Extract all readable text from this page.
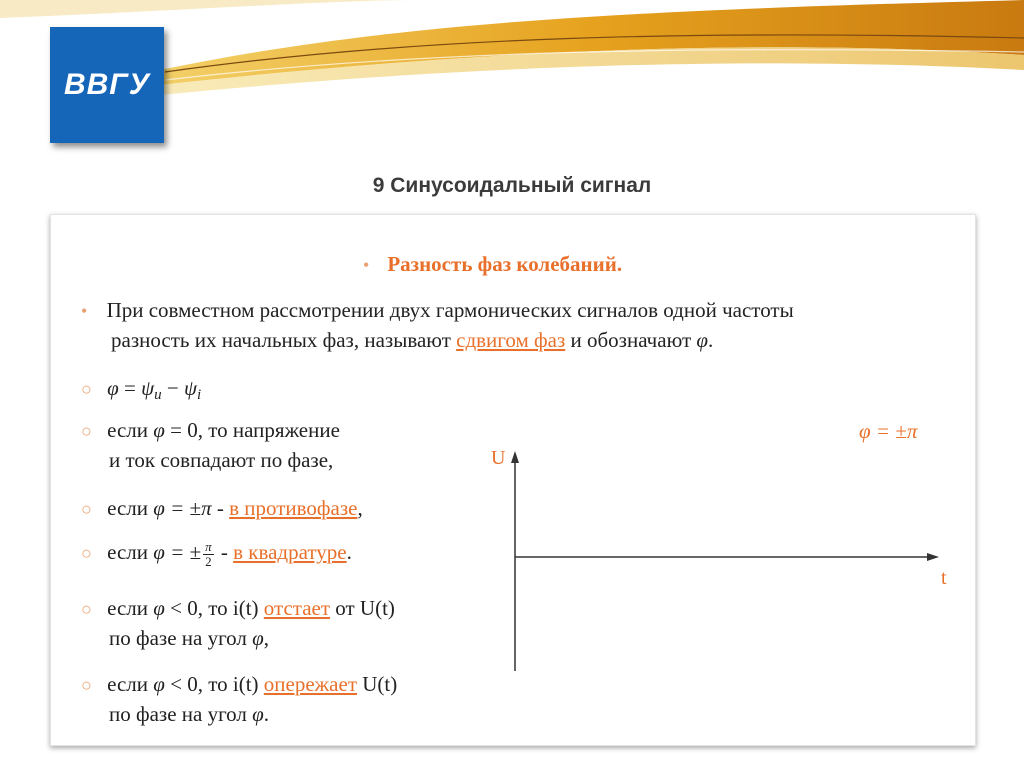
ВВГУ
9 Синусоидальный сигнал
• Разность фаз колебаний.
• При совместном рассмотрении двух гармонических сигналов одной частоты
разность их начальных фаз, называют сдвигом фаз и обозначают φ.
○ $\varphi = \psi_u - \psi_i$
○ если φ = 0, то напряжение
и ток совпадают по фазе,
○ если φ = ±π - в противофазе,
○ если φ = ± $\frac{\pi}{2}$ - в квадратуре.
○ если φ < 0, то i(t) отстает от U(t)
по фазе на угол φ,
○ если φ < 0, то i(t) опережает U(t)
по фазе на угол φ.
φ = ±π
U
t
